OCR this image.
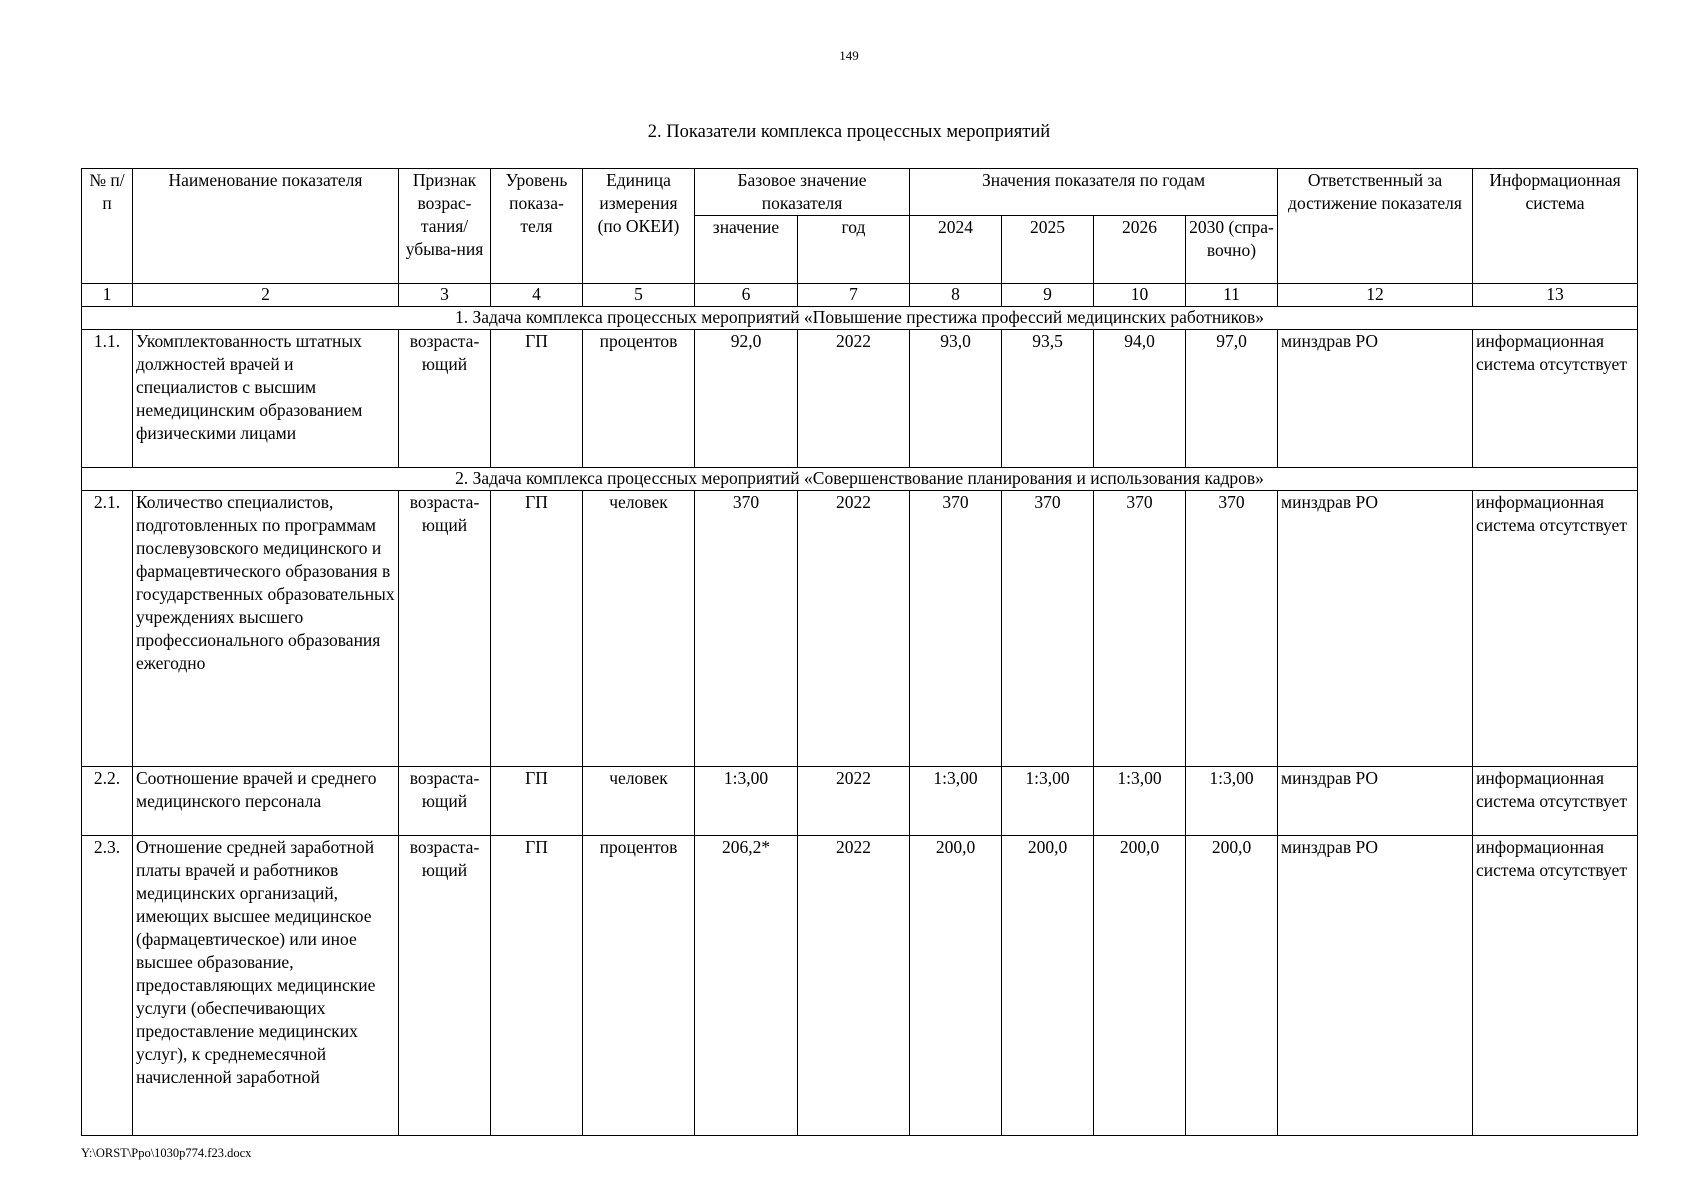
149
2. Показатели комплекса процессных мероприятий
№ п/п	Наименование показателя	Признак возрас-тания/ убыва-ния	Уровень показа-теля	Единица измерения (по ОКЕИ)	Базовое значение показателя		Значения показателя по годам				Ответственный за достижение показателя	Информационная система
					значение	год	2024	2025	2026	2030 (спра-вочно)		
1	2	3	4	5	6	7	8	9	10	11	12	13
1. Задача комплекса процессных мероприятий «Повышение престижа профессий медицинских работников»												
1.1.	Укомплектованность штатных должностей врачей и специалистов с высшим немедицинским образованием физическими лицами	возраста-ющий	ГП	процентов	92,0	2022	93,0	93,5	94,0	97,0	минздрав РО	информационная система отсутствует
2. Задача комплекса процессных мероприятий «Совершенствование планирования и использования кадров»												
2.1.	Количество специалистов, подготовленных по программам послевузовского медицинского и фармацевтического образования в государственных образовательных учреждениях высшего профессионального образования ежегодно	возраста-ющий	ГП	человек	370	2022	370	370	370	370	минздрав РО	информационная система отсутствует
2.2.	Соотношение врачей и среднего медицинского персонала	возраста-ющий	ГП	человек	1:3,00	2022	1:3,00	1:3,00	1:3,00	1:3,00	минздрав РО	информационная система отсутствует
2.3.	Отношение средней заработной платы врачей и работников медицинских организаций, имеющих высшее медицинское (фармацевтическое) или иное высшее образование, предоставляющих медицинские услуги (обеспечивающих предоставление медицинских услуг), к среднемесячной начисленной заработной	возраста-ющий	ГП	процентов	206,2*	2022	200,0	200,0	200,0	200,0	минздрав РО	информационная система отсутствует
Y:\ORST\Ppo\1030p774.f23.docx
